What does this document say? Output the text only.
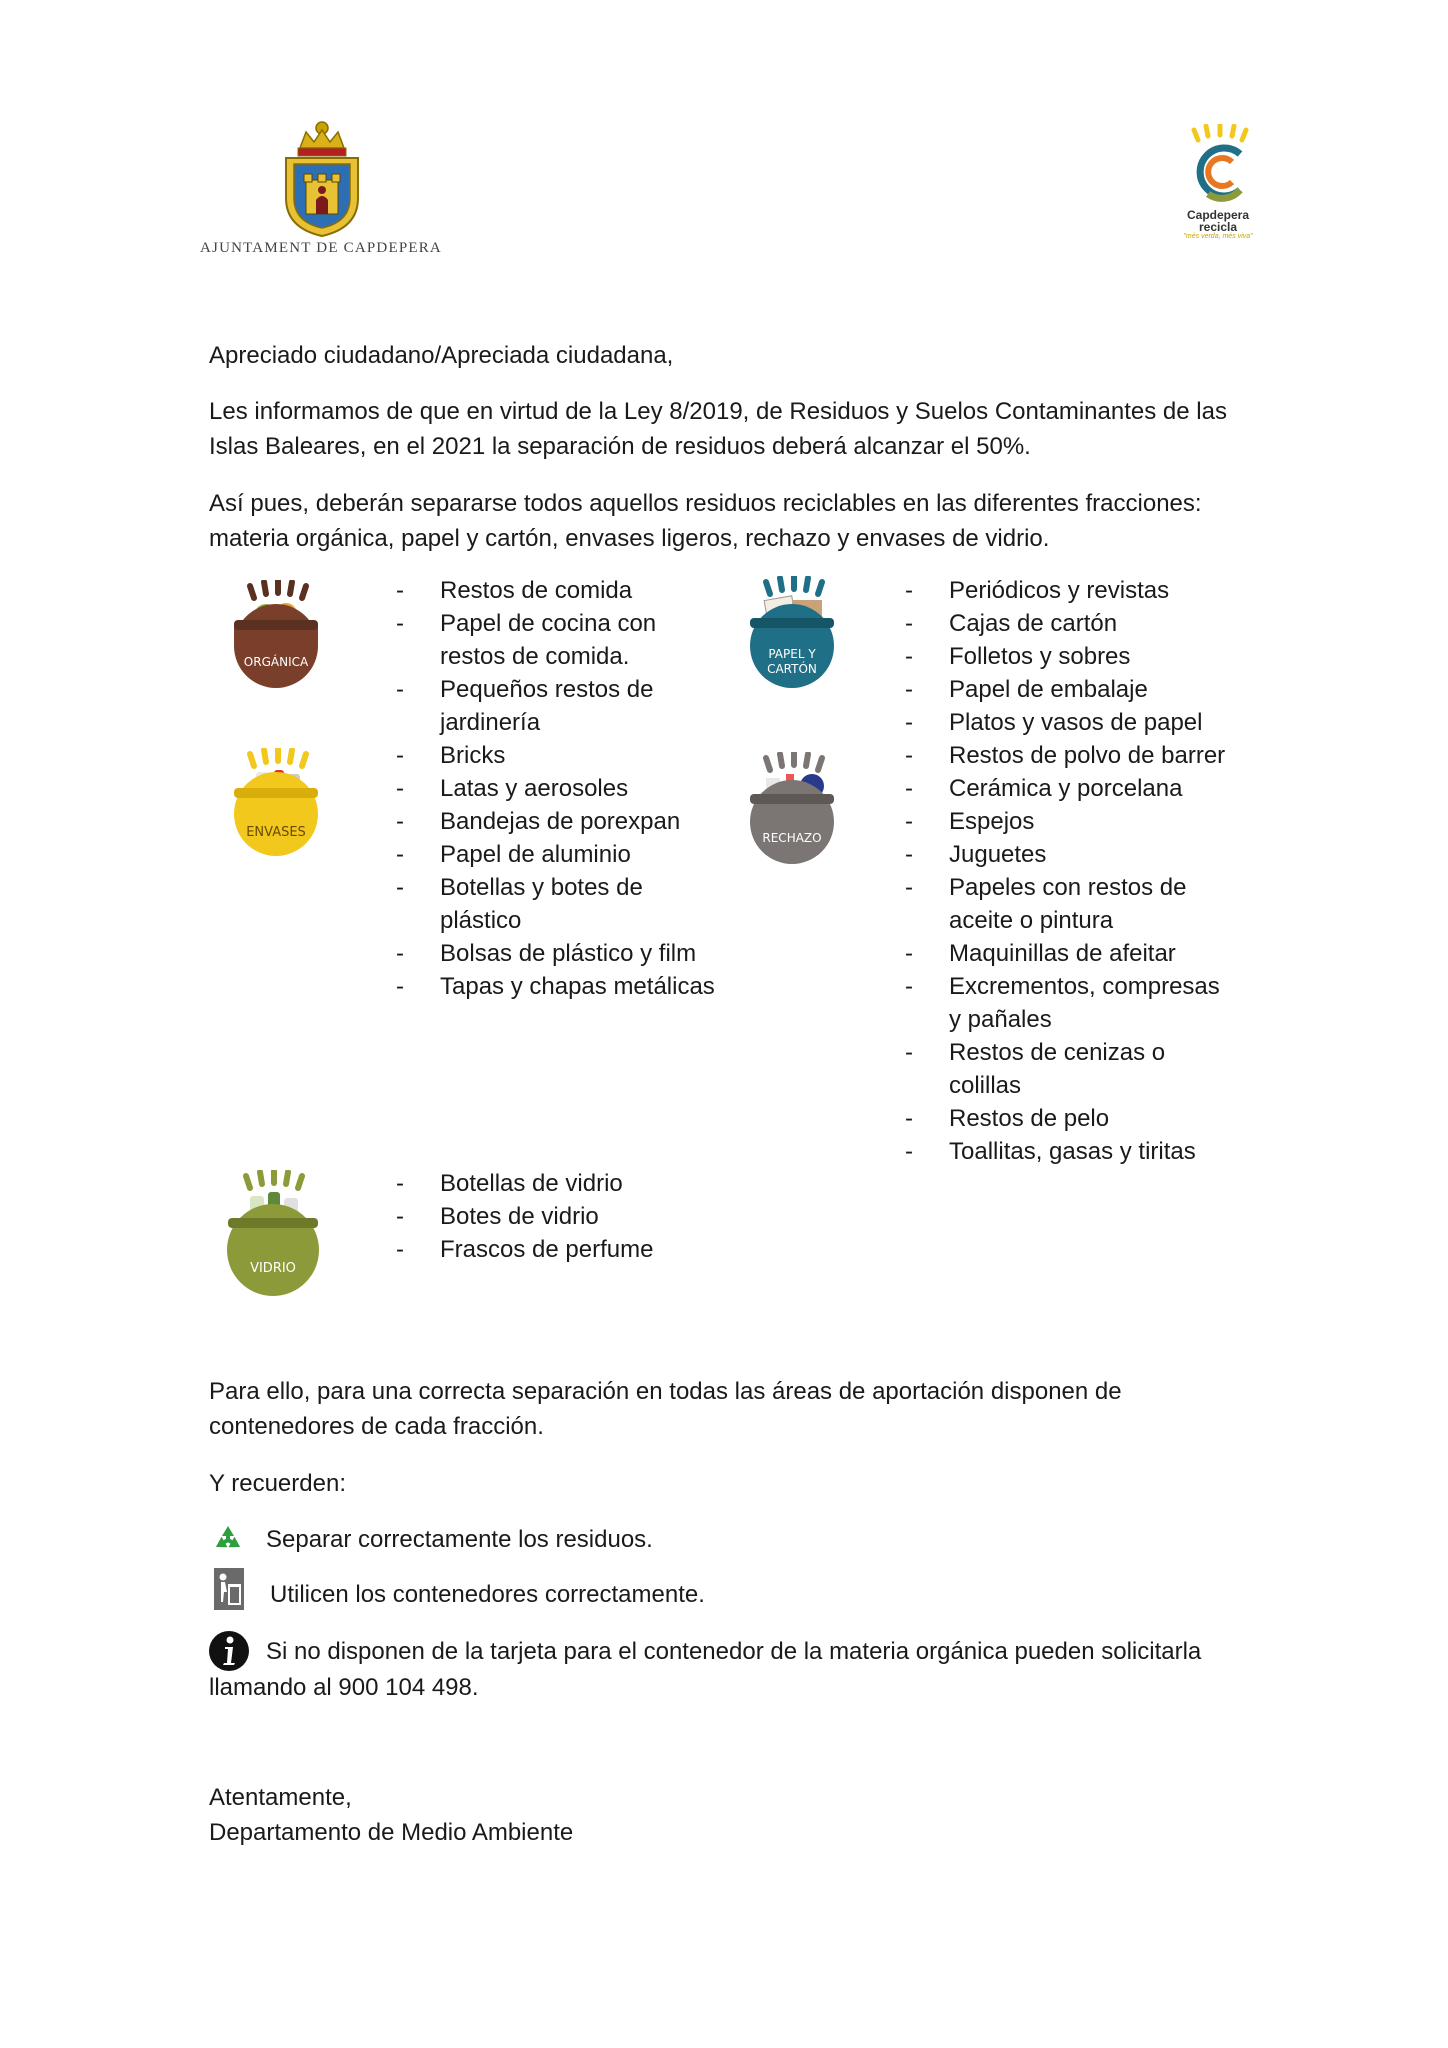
AJUNTAMENT DE CAPDEPERA
Capdepera
recicla
"més verda, més viva"

Apreciado ciudadano/Apreciada ciudadana,

Les informamos de que en virtud de la Ley 8/2019, de Residuos y Suelos Contaminantes de las Islas Baleares, en el 2021 la separación de residuos deberá alcanzar el 50%.

Así pues, deberán separarse todos aquellos residuos reciclables en las diferentes fracciones: materia orgánica, papel y cartón, envases ligeros, rechazo y envases de vidrio.

ORGÁNICA
ENVASES
PAPEL Y
CARTÓN
RECHAZO
VIDRIO
- Restos de comida
- Papel de cocina con restos de comida.
- Pequeños restos de jardinería
- Bricks
- Latas y aerosoles
- Bandejas de porexpan
- Papel de aluminio
- Botellas y botes de plástico
- Bolsas de plástico y film
- Tapas y chapas metálicas
- Periódicos y revistas
- Cajas de cartón
- Folletos y sobres
- Papel de embalaje
- Platos y vasos de papel
- Restos de polvo de barrer
- Cerámica y porcelana
- Espejos
- Juguetes
- Papeles con restos de aceite o pintura
- Maquinillas de afeitar
- Excrementos, compresas y pañales
- Restos de cenizas o colillas
- Restos de pelo
- Toallitas, gasas y tiritas
- Botellas de vidrio
- Botes de vidrio
- Frascos de perfume

Para ello, para una correcta separación en todas las áreas de aportación disponen de contenedores de cada fracción.

Y recuerden:

Separar correctamente los residuos.

Utilicen los contenedores correctamente.

Si no disponen de la tarjeta para el contenedor de la materia orgánica pueden solicitarla

llamando al 900 104 498.

Atentamente,

Departamento de Medio Ambiente
